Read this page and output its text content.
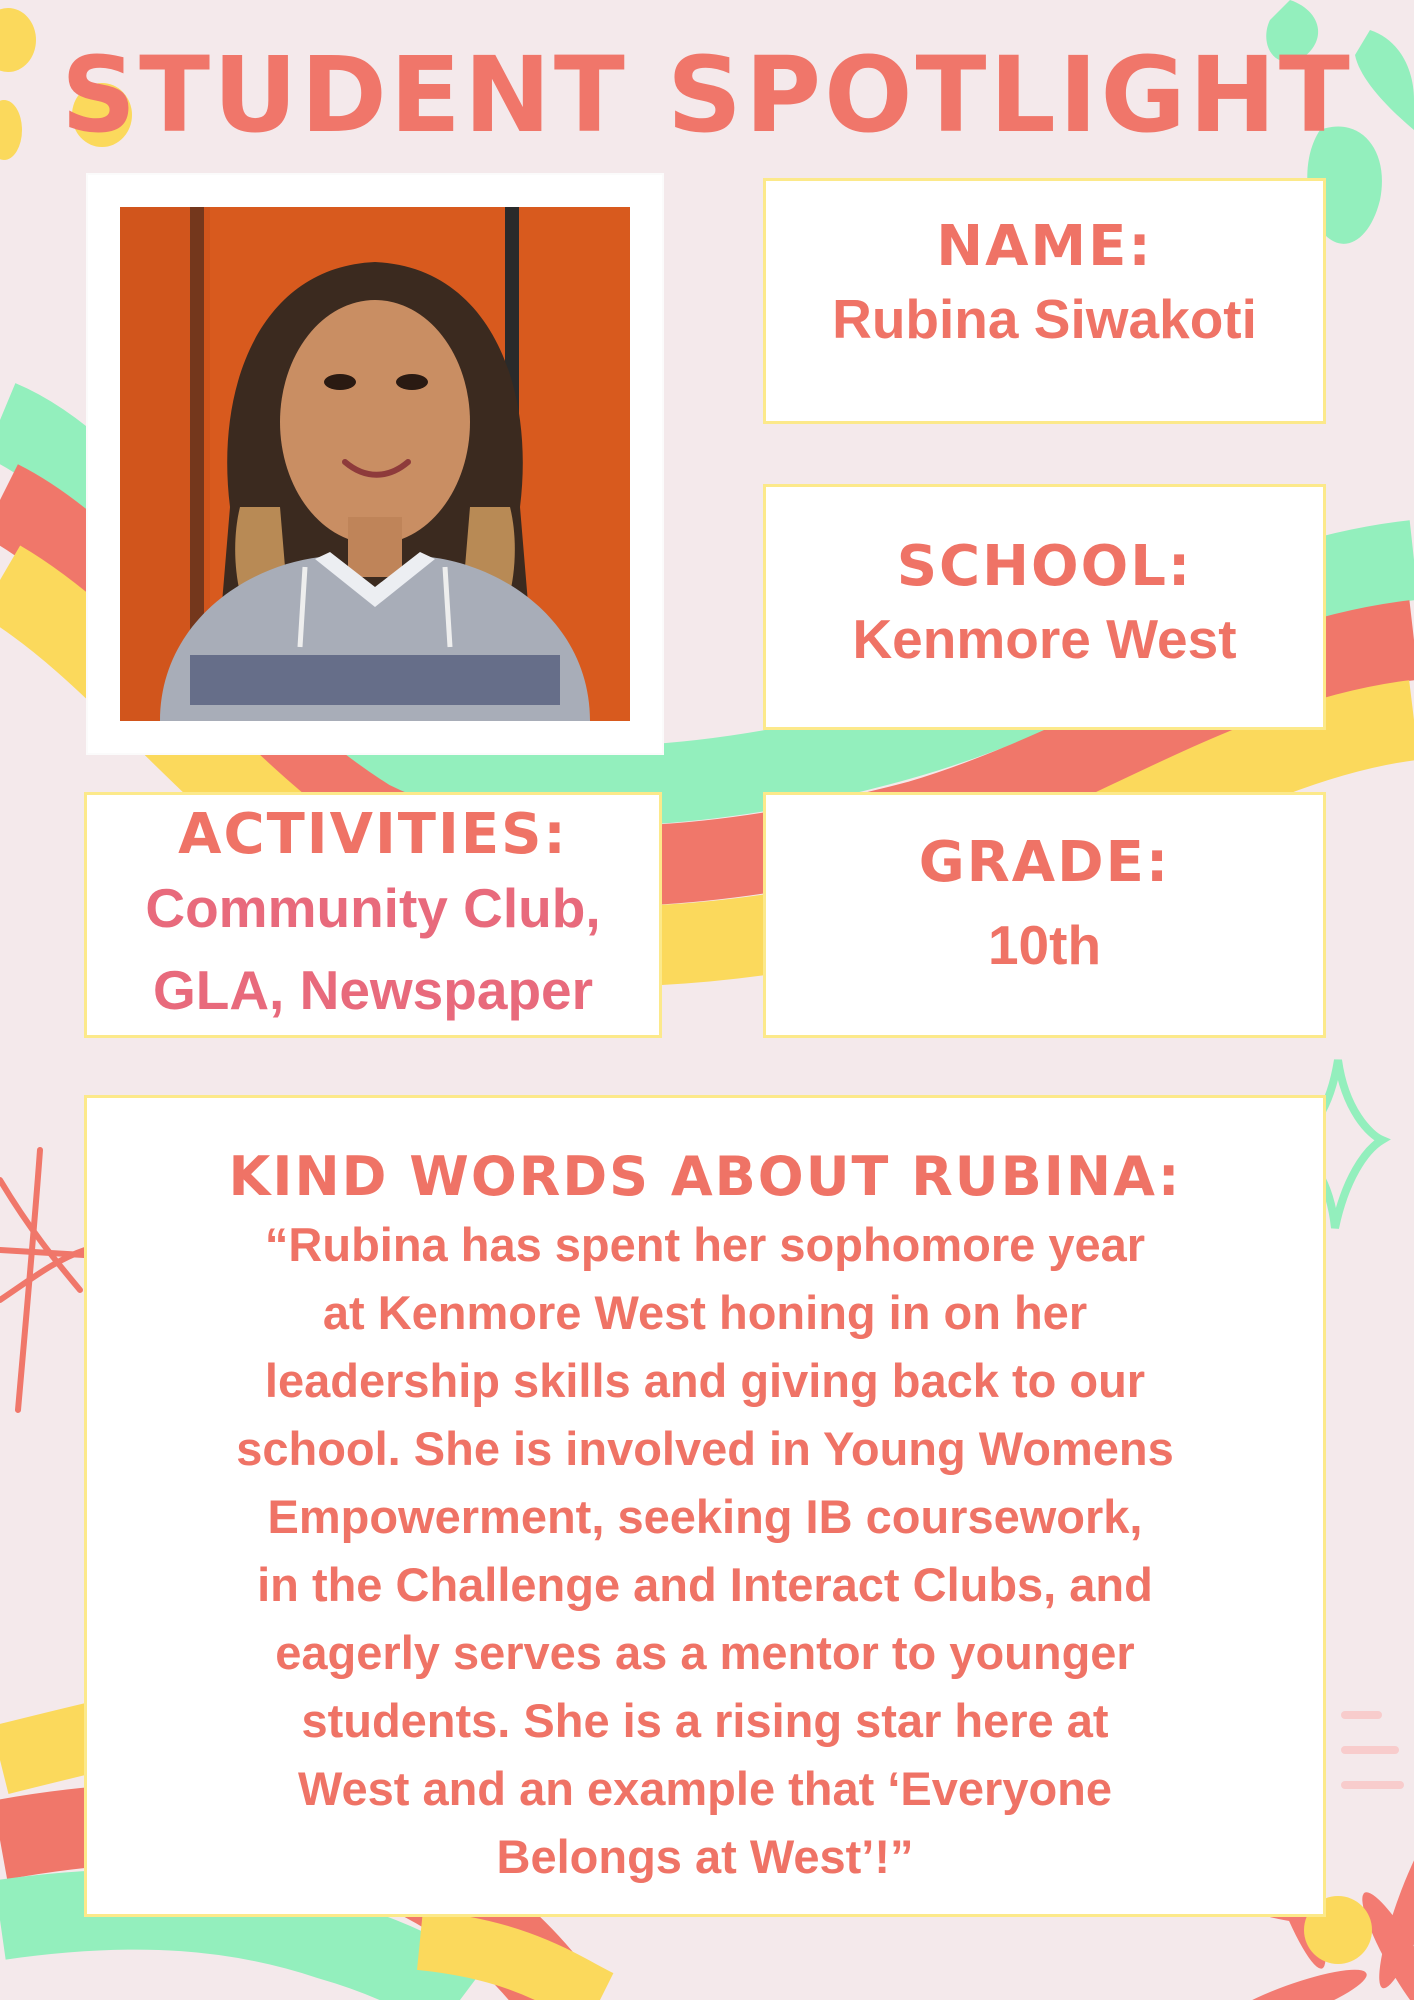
STUDENT SPOTLIGHT
NAME:
Rubina Siwakoti
SCHOOL:
Kenmore West
ACTIVITIES:
Community Club,
GLA, Newspaper
GRADE:
10th
KIND WORDS ABOUT RUBINA:
“Rubina has spent her sophomore year
at Kenmore West honing in on her
leadership skills and giving back to our
school. She is involved in Young Womens
Empowerment, seeking IB coursework,
in the Challenge and Interact Clubs, and
eagerly serves as a mentor to younger
students. She is a rising star here at
West and an example that ‘Everyone
Belongs at West’!”
